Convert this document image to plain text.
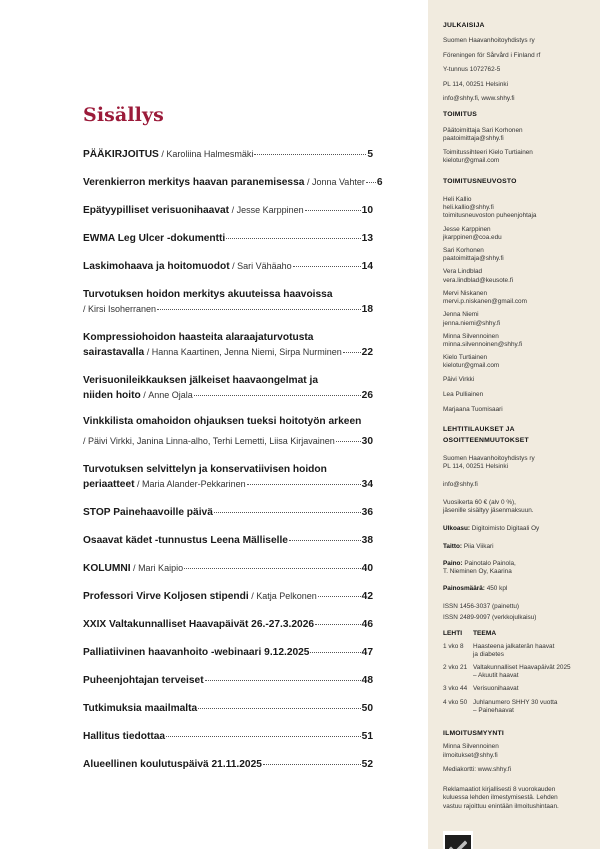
Sisällys
PÄÄKIRJOITUS / Karoliina Halmesmäki	5
Verenkierron merkitys haavan paranemisessa / Jonna Vahter 6
Epätyypilliset verisuonihaavat / Jesse Karppinen	10
EWMA Leg Ulcer -dokumentti	13
Laskimohaava ja hoitomuodot / Sari Vähäaho	14
Turvotuksen hoidon merkitys akuuteissa haavoissa
/ Kirsi Isoherranen	18
Kompressiohoidon haasteita alaraajaturvotusta
sairastavalla / Hanna Kaartinen, Jenna Niemi, Sirpa Nurminen 22
Verisuonileikkauksen jälkeiset haavaongelmat ja
niiden hoito / Anne Ojala	26
Vinkkilista omahoidon ohjauksen tueksi hoitotyön arkeen
/ Päivi Virkki, Janina Linna-alho, Terhi Lemetti, Liisa Kirjavainen	30
Turvotuksen selvittelyn ja konservatiivisen hoidon
periaatteet / Maria Alander-Pekkarinen	34
STOP Painehaavoille päivä	36
Osaavat kädet -tunnustus Leena Mälliselle	38
KOLUMNI / Mari Kaipio	40
Professori Virve Koljosen stipendi / Katja Pelkonen	42
XXIX Valtakunnalliset Haavapäivät 26.-27.3.2026	46
Palliatiivinen haavanhoito -webinaari 9.12.2025	47
Puheenjohtajan terveiset	48
Tutkimuksia maailmalta	50
Hallitus tiedottaa	51
Alueellinen koulutuspäivä 21.11.2025	52
JULKAISIJA
Suomen Haavanhoitoyhdistys ry
Föreningen för Sårvård i Finland rf
Y-tunnus 1072762-5
PL 114, 00251 Helsinki
info@shhy.fi, www.shhy.fi
TOIMITUS
Päätoimittaja Sari Korhonen
paatoimittaja@shhy.fi
Toimitussihteeri Kielo Turtiainen
kielotur@gmail.com
TOIMITUSNEUVOSTO
Heli Kallio
heli.kallio@shhy.fi
toimitusneuvoston puheenjohtaja
Jesse Karppinen
jkarppinen@coa.edu
Sari Korhonen
paatoimittaja@shhy.fi
Vera Lindblad
vera.lindblad@keusote.fi
Mervi Niskanen
mervi.p.niskanen@gmail.com
Jenna Niemi
jenna.niemi@shhy.fi
Minna Silvennoinen
minna.silvennoinen@shhy.fi
Kielo Turtiainen
kielotur@gmail.com
Päivi Virkki
Lea Pulliainen
Marjaana Tuomisaari
LEHTITILAUKSET JA
OSOITTEENMUUTOKSET
Suomen Haavanhoitoyhdistys ry
PL 114, 00251 Helsinki
info@shhy.fi
Vuosikerta 60 € (alv 0 %),
jäsenille sisältyy jäsenmaksuun.
Ulkoasu: Digitoimisto Digitaali Oy
Taitto: Piia Viikari
Paino: Painotalo Painola,
T. Nieminen Oy, Kaarina
Painosmäärä: 450 kpl
ISSN 1456-3037 (painettu)
ISSN 2489-9097 (verkkojulkaisu)
LEHTI	TEEMA
1 vko 8	Haasteena jalkaterän haavat
ja diabetes

2 vko 21	Valtakunnalliset Haavapäivät 2025
– Akuutit haavat

3 vko 44	Verisuonihaavat

4 vko 50	Juhlanumero SHHY 30 vuotta
– Painehaavat
ILMOITUSMYYNTI
Minna Silvennoinen
ilmoitukset@shhy.fi
Mediakortti: www.shhy.fi
Reklamaatiot kirjallisesti 8 vuorokauden
kuluessa lehden ilmestymisestä. Lehden
vastuu rajoittuu enintään ilmoitushintaan.
